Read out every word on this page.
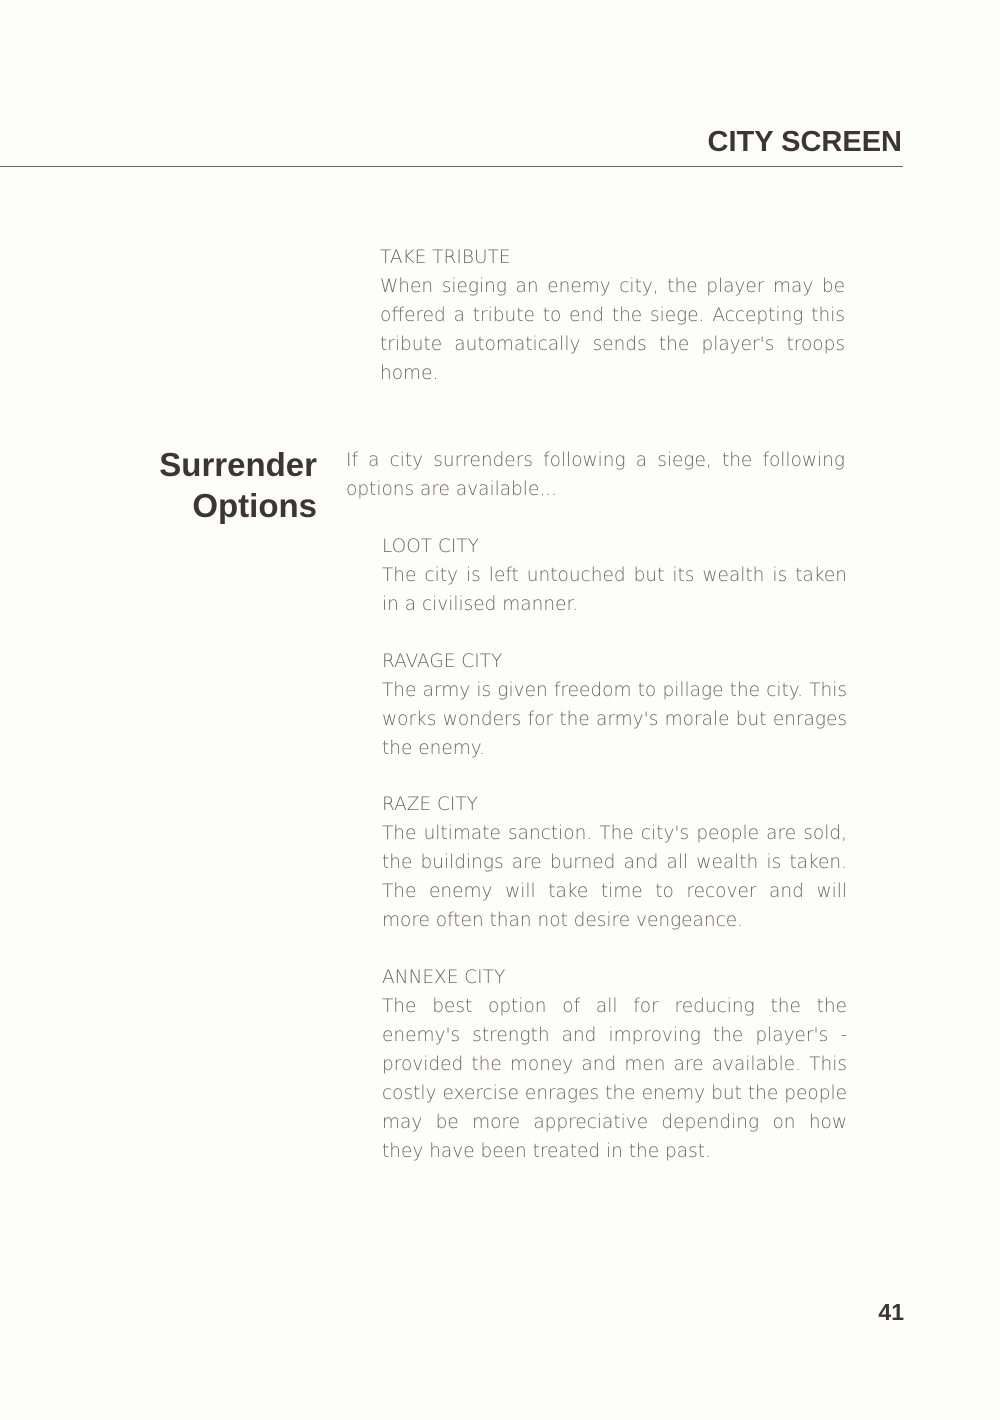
CITY SCREEN
TAKE TRIBUTE
When sieging an enemy city, the player may be offered a tribute to end the siege. Accepting this tribute automatically sends the player's troops home.
Surrender
Options
If a city surrenders following a siege, the following options are available...
LOOT CITY
The city is left untouched but its wealth is taken in a civilised manner.
RAVAGE CITY
The army is given freedom to pillage the city. This works wonders for the army's morale but enrages the enemy.
RAZE CITY
The ultimate sanction. The city's people are sold, the buildings are burned and all wealth is taken. The enemy will take time to recover and will more often than not desire vengeance.
ANNEXE CITY
The best option of all for reducing the the enemy's strength and improving the player's - provided the money and men are available. This costly exercise enrages the enemy but the people may be more appreciative depending on how they have been treated in the past.
41
